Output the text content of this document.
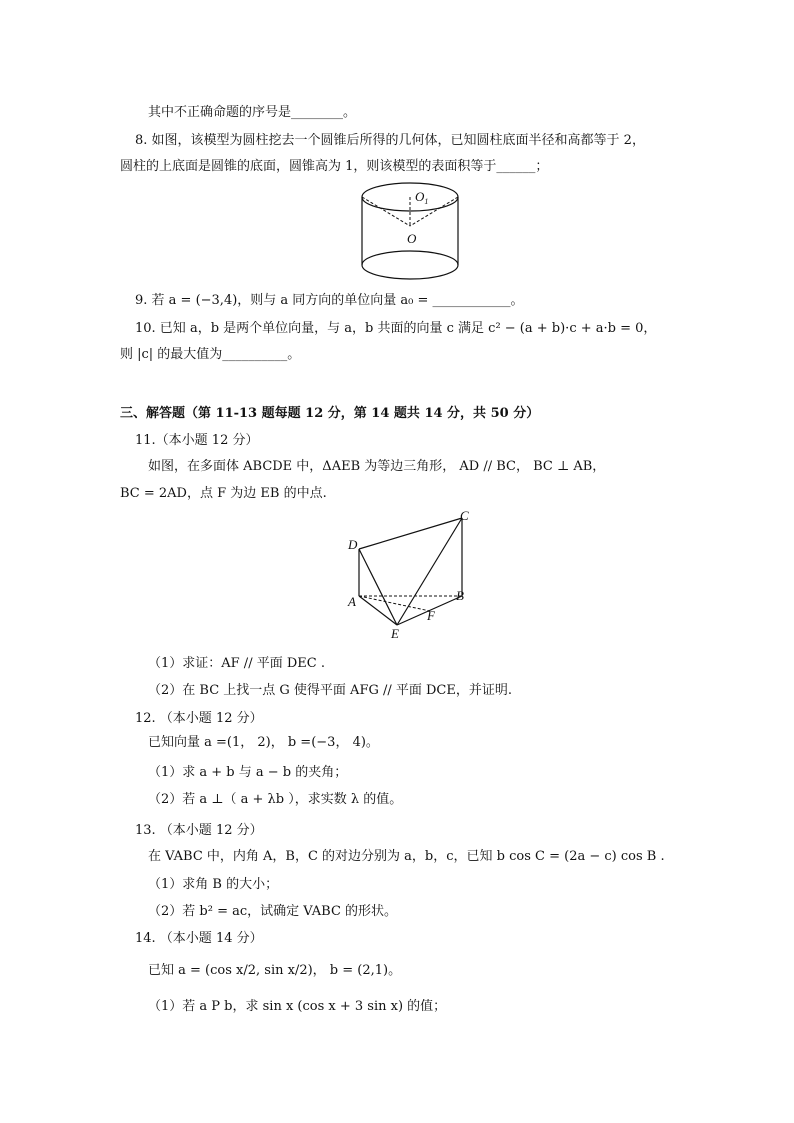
其中不正确命题的序号是________。
8. 如图，该模型为圆柱挖去一个圆锥后所得的几何体，已知圆柱底面半径和高都等于 2，
圆柱的上底面是圆锥的底面，圆锥高为 1，则该模型的表面积等于______；
$O_1$
O
9. 若 a = (−3,4)，则与 a 同方向的单位向量 a₀ = ____________。
10. 已知 a，b 是两个单位向量，与 a，b 共面的向量 c 满足 c² − (a + b)·c + a·b = 0，
则 |c| 的最大值为__________。
三、解答题（第 11-13 题每题 12 分，第 14 题共 14 分，共 50 分）
11.（本小题 12 分）
如图，在多面体 ABCDE 中，ΔAEB 为等边三角形， AD // BC， BC ⊥ AB，
BC = 2AD，点 F 为边 EB 的中点.
D
C
A	B
E
F
（1）求证：AF // 平面 DEC .
（2）在 BC 上找一点 G 使得平面 AFG // 平面 DCE，并证明.
12. （本小题 12 分）
已知向量 a =(1， 2)， b =(−3， 4)。
（1）求 a + b 与 a − b 的夹角；
（2）若 a ⊥（ a + λb ），求实数 λ 的值。
13. （本小题 12 分）
在 VABC 中，内角 A，B，C 的对边分别为 a，b，c，已知 b cos C = (2a − c) cos B .
（1）求角 B 的大小；
（2）若 b² = ac，试确定 VABC 的形状。
14. （本小题 14 分）
已知 a = (cos x/2, sin x/2)， b = (2,1)。
（1）若 a P b，求 sin x (cos x + 3 sin x) 的值；
